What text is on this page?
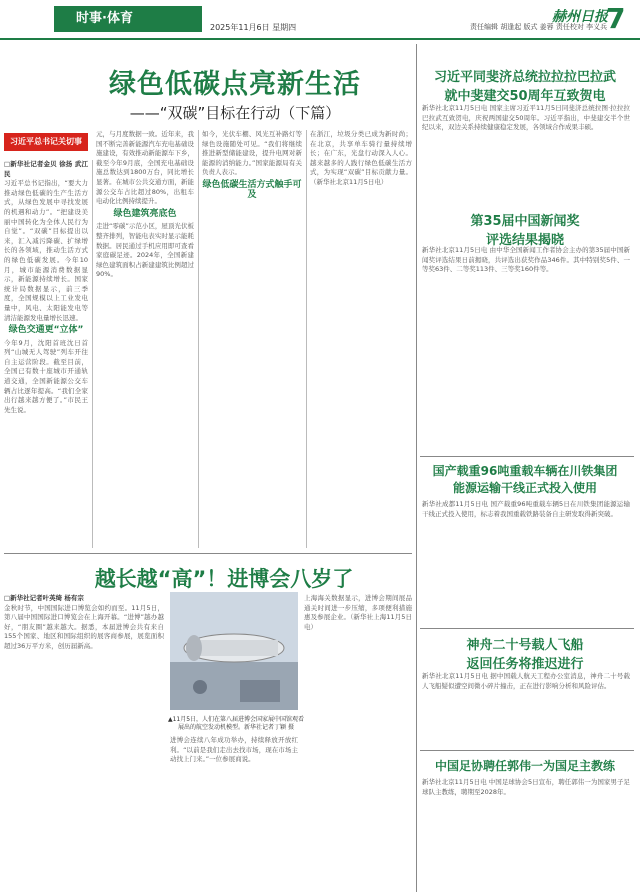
时事·体育
2025年11月6日 星期四	责任编辑 胡逢起 版式 姜蓉 责任校对 李义兵
赫州日报
7
绿色低碳点亮新生活
——“双碳”目标在行动（下篇）
习近平总书记关切事
□新华社记者金贝 徐扬 武江民

习近平总书记指出，“要大力推动绿色低碳的生产生活方式，从绿色发展中寻找发展的机遇和动力”。“把建设美丽中国转化为全体人民行为自觉”。“双碳”目标提出以来，汇入减污降碳、扩绿增长的各领域，推动生活方式的绿色低碳发展。今年10月，城市能源消费数据显示，新能源持续增长。国家统计局数据显示，前三季度，全国规模以上工业发电量中，风电、太阳能发电等清洁能源发电量增长迅速。

绿色交通更“立体”

今年9月，沈阳首班沈日首列“山城无人驾驶”列车开往自主运营阶段。截至目前，全国已有数十座城市开通轨道交通，全国新能源公交车辆占比逐年提高。“我们全家出行越来越方便了。”市民王先生说。

元，与月度数据一致。近年来，我国不断完善新能源汽车充电基础设施建设，有效推动新能源车下乡，截至今年9月底，全国充电基础设施总数达到1800万台，同比增长显著。在城市公共交通方面，新能源公交车占比超过80%，出租车电动化比例持续提升。

绿色建筑亮底色

走进“零碳”示范小区，屋顶光伏板整齐排列，智能电表实时显示能耗数据。居民通过手机应用即可查看家庭碳足迹。2024年，全国新建绿色建筑面积占新建建筑比例超过90%。

如今，光伏车棚、风光互补路灯等绿色设施随处可见。“我们将继续推进新型储能建设，提升电网对新能源的消纳能力。”国家能源局有关负责人表示。

绿色低碳生活方式触手可及

在浙江，垃圾分类已成为新时尚；在北京，共享单车骑行量持续增长；在广东，光盘行动深入人心。越来越多的人践行绿色低碳生活方式，为实现“双碳”目标贡献力量。（新华社北京11月5日电）

越长越“高”！进博会八岁了
□新华社记者叶英绮 杨有宗

金秋时节，中国国际进口博览会如约而至。11月5日，第八届中国国际进口博览会在上海开幕。“进博”越办越好，“朋友圈”越来越大。据悉，本届进博会共有来自155个国家、地区和国际组织的展客商参展，展览面积超过36万平方米，创历届新高。

▲11月5日，人们在第八届进博会国家展中国馆观看展出的航空发动机模型。新华社记者丁颖 摄

进博会连续八年成功举办，持续释放开放红利。“以前是我们走出去找市场，现在市场主动找上门来。”一位参展商说。

上海海关数据显示，进博会期间展品通关时间进一步压缩，多项便利措施惠及参展企业。（新华社上海11月5日电）

习近平同斐济总统拉拉拉巴拉武
就中斐建交50周年互致贺电

新华社北京11月5日电 国家主席习近平11月5日同斐济总统拉图·拉拉拉巴拉武互致贺电，庆祝两国建交50周年。习近平指出，中斐建交半个世纪以来，双边关系持续健康稳定发展，各领域合作成果丰硕。

第35届中国新闻奖
评选结果揭晓

新华社北京11月5日电 由中华全国新闻工作者协会主办的第35届中国新闻奖评选结果日前揭晓，共评选出获奖作品346件。其中特别奖5件、一等奖63件、二等奖113件、三等奖160件等。

国产载重96吨重载车辆在川铁集团
能源运输干线正式投入使用

新华社成都11月5日电 国产载重96吨重载车辆5日在川铁集团能源运输干线正式投入使用，标志着我国重载铁路装备自主研发取得新突破。

神舟二十号载人飞船
返回任务将推迟进行

新华社北京11月5日电 据中国载人航天工程办公室消息，神舟二十号载人飞船疑似遭空间微小碎片撞击，正在进行影响分析和风险评估。

中国足协聘任郭伟一为国足主教练

新华社北京11月5日电 中国足球协会5日宣布，聘任郭伟一为国家男子足球队主教练，聘期至2028年。
